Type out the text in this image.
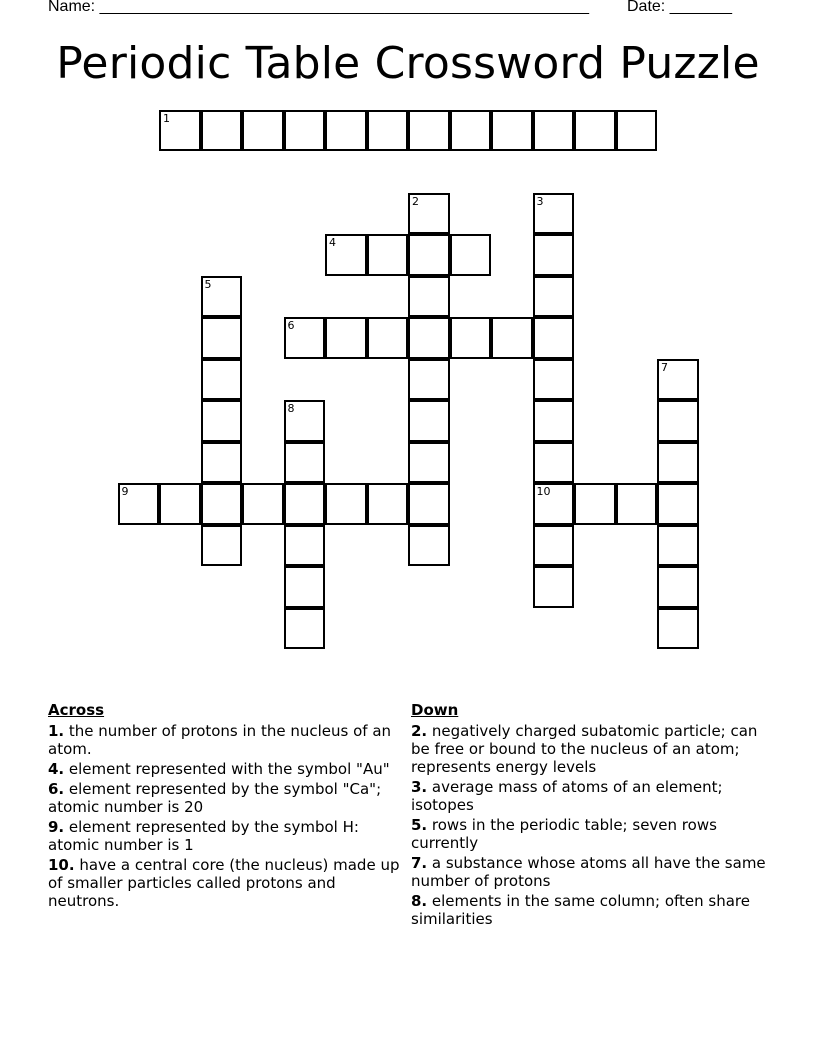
Name: _______________________________________________________ Date: _______
Periodic Table Crossword Puzzle
1
2	3
10
4
5
6
7
8
9
Across
1. the number of protons in the nucleus of an atom.
4. element represented with the symbol "Au"
6. element represented by the symbol "Ca"; atomic number is 20
9. element represented by the symbol H: atomic number is 1
10. have a central core (the nucleus) made up of smaller particles called protons and neutrons.
Down
2. negatively charged subatomic particle; can be free or bound to the nucleus of an atom; represents energy levels
3. average mass of atoms of an element; isotopes
5. rows in the periodic table; seven rows currently
7. a substance whose atoms all have the same number of protons
8. elements in the same column; often share similarities
